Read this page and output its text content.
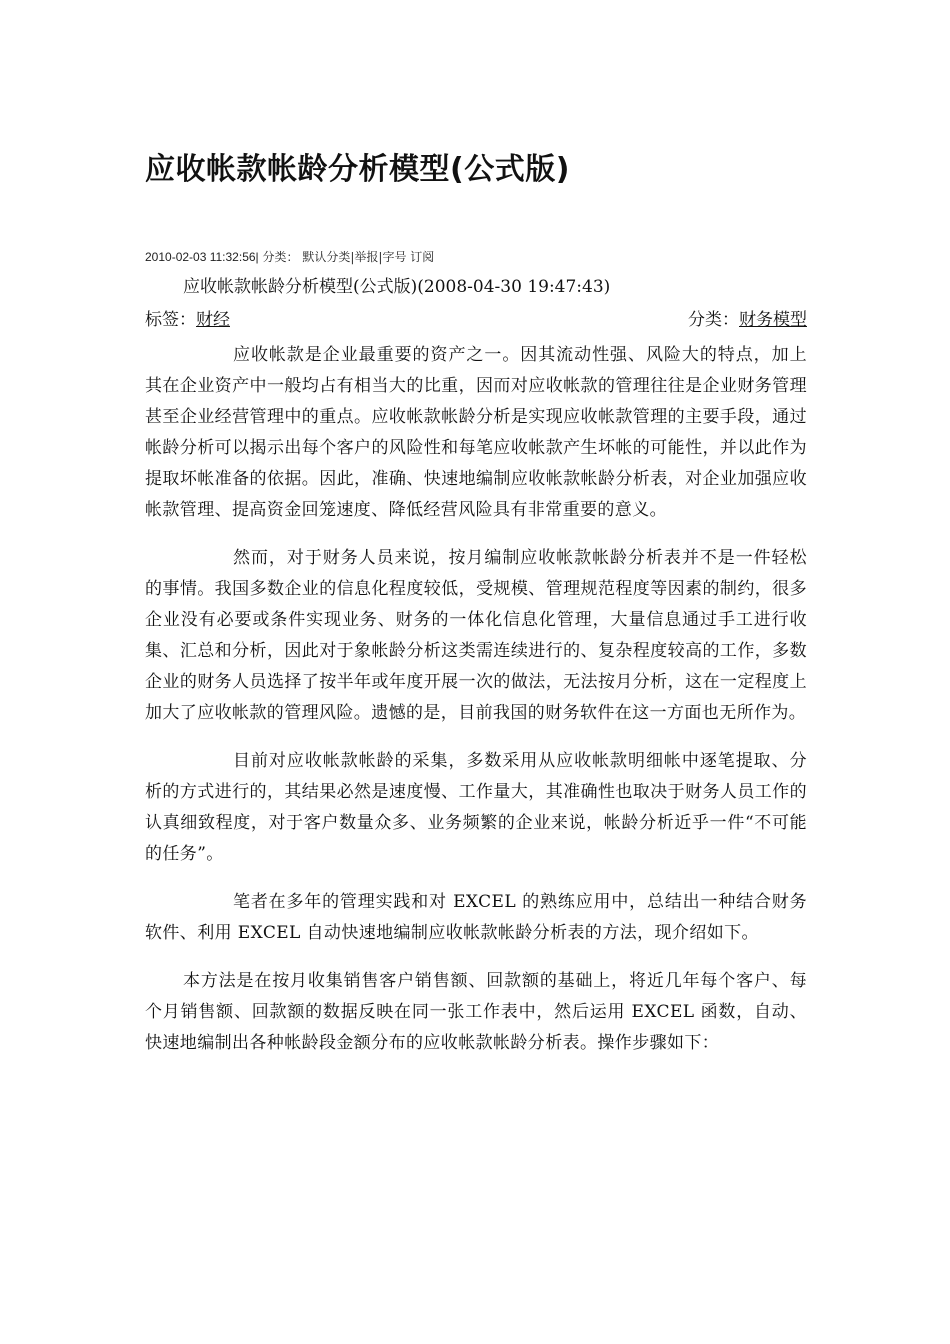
应收帐款帐龄分析模型(公式版)
2010-02-03 11:32:56| 分类： 默认分类|举报|字号 订阅
应收帐款帐龄分析模型(公式版)(2008-04-30 19:47:43)
标签：财经	分类：财务模型

应收帐款是企业最重要的资产之一。因其流动性强、风险大的特点，加上其在企业资产中一般均占有相当大的比重，因而对应收帐款的管理往往是企业财务管理甚至企业经营管理中的重点。应收帐款帐龄分析是实现应收帐款管理的主要手段，通过帐龄分析可以揭示出每个客户的风险性和每笔应收帐款产生坏帐的可能性，并以此作为提取坏帐准备的依据。因此，准确、快速地编制应收帐款帐龄分析表，对企业加强应收帐款管理、提高资金回笼速度、降低经营风险具有非常重要的意义。

然而，对于财务人员来说，按月编制应收帐款帐龄分析表并不是一件轻松的事情。我国多数企业的信息化程度较低，受规模、管理规范程度等因素的制约，很多企业没有必要或条件实现业务、财务的一体化信息化管理，大量信息通过手工进行收集、汇总和分析，因此对于象帐龄分析这类需连续进行的、复杂程度较高的工作，多数企业的财务人员选择了按半年或年度开展一次的做法，无法按月分析，这在一定程度上加大了应收帐款的管理风险。遗憾的是，目前我国的财务软件在这一方面也无所作为。

目前对应收帐款帐龄的采集，多数采用从应收帐款明细帐中逐笔提取、分析的方式进行的，其结果必然是速度慢、工作量大，其准确性也取决于财务人员工作的认真细致程度，对于客户数量众多、业务频繁的企业来说，帐龄分析近乎一件“不可能的任务”。

笔者在多年的管理实践和对 EXCEL 的熟练应用中，总结出一种结合财务软件、利用 EXCEL 自动快速地编制应收帐款帐龄分析表的方法，现介绍如下。

本方法是在按月收集销售客户销售额、回款额的基础上，将近几年每个客户、每个月销售额、回款额的数据反映在同一张工作表中，然后运用 EXCEL 函数，自动、快速地编制出各种帐龄段金额分布的应收帐款帐龄分析表。操作步骤如下：
